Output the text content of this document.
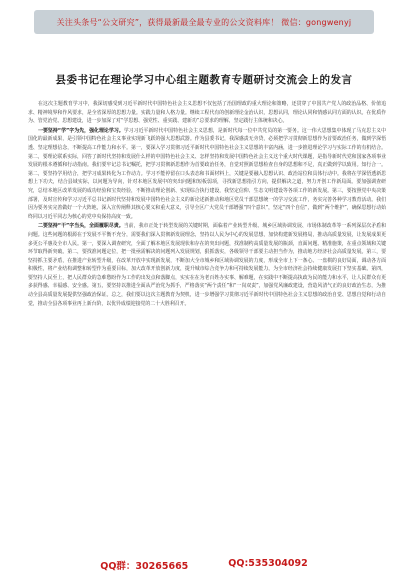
关注头条号“公文研究”，获得最新最全最专业的公文资料库！ 微信：gongwenyj
县委书记在理论学习中心组主题教育专题研讨交流会上的发言

在这次主题教育学习中，我深切感受到习近平新时代中国特色社会主义思想不仅包括了治国理政的重大理论和策略，还贯穿了中国共产党人的政治品格、价值追求、精神境界和作风要求，是全省深厚的思想力量。实践力量和人格力量。继续工程代有的创新理论金治认识，思想认同，理论认同和情感认同方面的认识。在优质作为、管党治党、思想建设，进一步加深了对“学思想、强党性、重实践、建新功”总要求的理解，坚定践行主体统和决心。

一要坚持“学”字为先，强化理论学习。学习习近平新时代中国特色社会主义思想，是新时代每一位中共党员的第一要务。这一伟大思想集中体现了马克思主义中国化的最新成果，是引领中国特色社会主义事业实现新飞跃的强大思想武器。作为县委书记，我深感责无旁贷，必须把学习贯彻新思想作为首要政治任务，做到学深悟透、坚定理想信念，不断提高工作能力和水平。第一，要深入学习贯彻习近平新时代中国特色社会主义思想的丰富内涵，进一步推进理论学习与实际工作的有机结合。第二，要理论联系实际，回答了新时代坚持和发展什么样的中国特色社会主义、怎样坚持和发展中国特色社会主义这个重大时代课题，是指导新时代党和国家各项事业发展的根本遵循和行动指南。我们要牢记总书记嘱托，把学习贯彻新思想作为首要政治任务，自觉对照新思想检查自身的思想和不足，真正做到学以致用。知行合一。第二，要坚持学用结合，把学习成果转化为工作动力。学习不能停留在口头表态和书面材料上，关键是要融入思想认识、政治站位和具体行动中。我将在学深悟透新思想上下功夫，结合县域实际，以问题为导向，针对本地区发展中的突出问题和短板弱项，寻找新思想指引方向，提供解决之道，努力开创工作新局面。要加强调查研究，总结本地区改革发展的成功经验和宝贵经验，不断推动理论创新、实现综合执行建设，我坚定信仰、生态文明建设等各项工作的新发展。第三，要按照党中央决策部署，及时宣传和学习习近平总书记新时代坚持和发展中国特色社会主义的新论述新推动和地区党员干部思想统一的学习交流工作，务实完善各种学习教育活动。我们因为要务实完善做好一个大阵地，深入宣传阐释其核心要义和重大意义，引导全区广大党员干部增强“四个意识”，坚定“四个自信”，做到“两个维护”，确保思想行动始终同以习近平同志为核心的党中央保持高度一致。

二要坚持“干”字当头，全面履职尽责。当前，我市正处于转型发展的关键时期，面临着产业转型升级、城乡区域协调发展、市场体制改革等一系列深层次矛盾和问题。这些问题的根源在于发展不平衡不充分，需要我们深入贯彻新发展理念，坚持以人民为中心的发展思想，加快构建新发展格局，推动高质量发展，让发展成果更多更公平惠及全市人民。第一，要深入调查研究，全面了解本地区发展现状和存在的突出问题，找准制约高质量发展的瓶颈，直面问题、精准施策，在重点领域和关键环节取得新突破。第二，要找准问题定位，把一批亟需解决的问题列入发展规划，狠抓落实，各级领导干部要主动担当作为，推动地方经济社会高质量发展。第三，要坚持抓主要矛盾，在推进产业转型升级，在改革开放中实现新发展，不断加大全市城乡和区域协调发展的力度，形成全市上下一条心、一盘棋的良好局面，调动各方面积极性，将产业结构调整和转型作为重要目标，加大改革开放创新力度，提升城市综合竞争力和可持续发展能力，为全市经济社会持续健康发展打下坚实基础。第四，要坚持人民至上，把人民群众的急难愁盼作为工作的出发点和落脚点，实实在在为老百姓办实事、解难题，在实践中不断提高执政为民的能力和水平，让人民群众有更多获得感、幸福感、安全感。第五，要坚持以推进全面从严治党为抓手，严格落实“两个责任”和“一岗双责”，加强党风廉政建设，营造风清气正的良好政治生态，为推动全县高质量发展提供坚强政治保证。总之，我们要以这次主题教育为契机，进一步增强学习贯彻习近平新时代中国特色社会主义思想的政治自觉、思想自觉和行动自觉，推动全县各项事业再上新台阶，以优异成绩迎接党的二十大胜利召开。

QQ群：30265665	QQ:535304092
